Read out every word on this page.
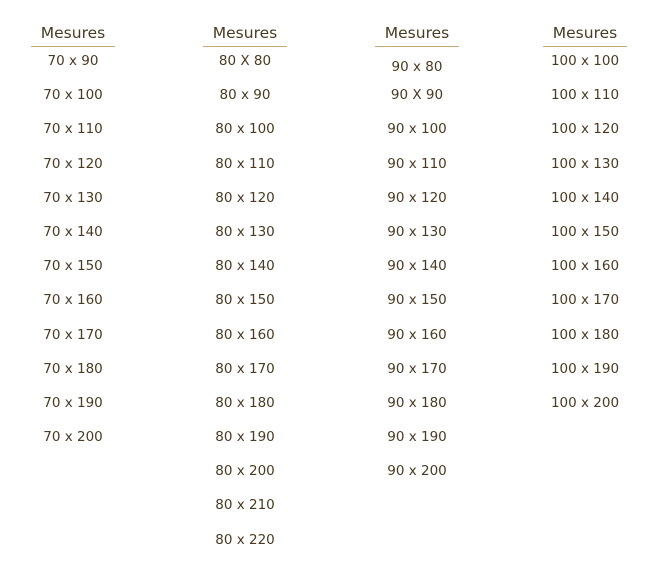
Mesures
70 x 90
70 x 100
70 x 110
70 x 120
70 x 130
70 x 140
70 x 150
70 x 160
70 x 170
70 x 180
70 x 190
70 x 200
Mesures
80 X 80
80 x 90
80 x 100
80 x 110
80 x 120
80 x 130
80 x 140
80 x 150
80 x 160
80 x 170
80 x 180
80 x 190
80 x 200
80 x 210
80 x 220
Mesures
90 x 80
90 X 90
90 x 100
90 x 110
90 x 120
90 x 130
90 x 140
90 x 150
90 x 160
90 x 170
90 x 180
90 x 190
90 x 200
Mesures
100 x 100
100 x 110
100 x 120
100 x 130
100 x 140
100 x 150
100 x 160
100 x 170
100 x 180
100 x 190
100 x 200
